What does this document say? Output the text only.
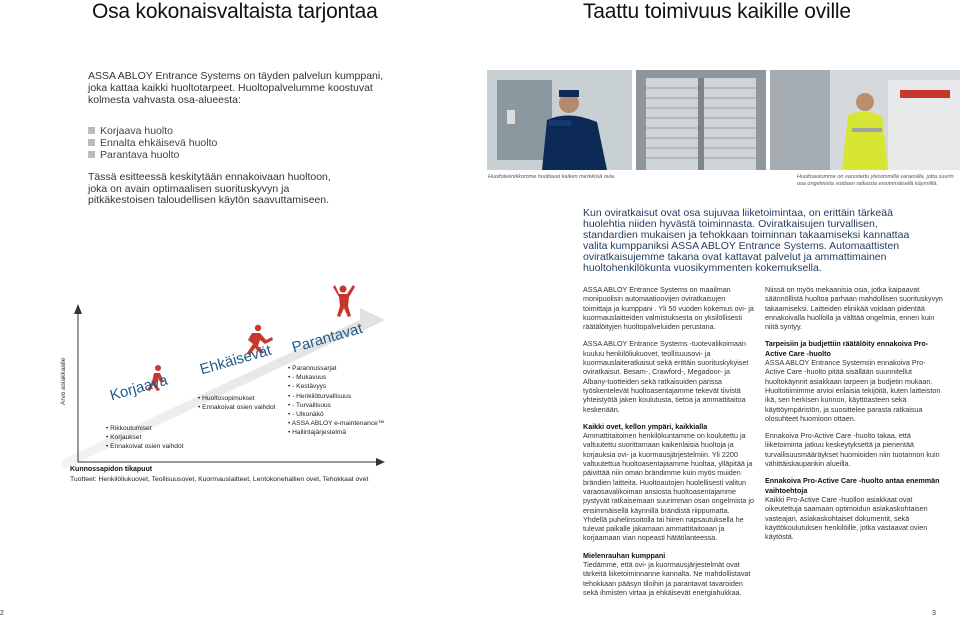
Osa kokonaisvaltaista tarjontaa
ASSA ABLOY Entrance Systems on täyden palvelun kumppani, joka kattaa kaikki huoltotarpeet. Huoltopalvelumme koostuvat kolmesta vahvasta osa-alueesta:
Korjaava huolto
Ennalta ehkäisevä huolto
Parantava huolto
Tässä esitteessä keskitytään ennakoivaan huoltoon, joka on avain optimaalisen suorituskyvyn ja pitkäkestoisen taloudellisen käytön saavuttamiseen.
Arvo asiakkaalle	Korjaava
• Rikkoutumiset
• Korjaukset
• Ennakoivat osien vaihdot
Ehkäisevät
• Huoltosopimukset
• Ennakoivat osien vaihdot
Parantavat
• Parannussarjat
• - Mukavuus
• - Kestävyys
• - Henkilöturvallisuus
• - Turvallisuus
• - Ulkonäkö
• ASSA ABLOY e-maintenance™
• Hallintajärjestelmä
Kunnossapidon tikapuut
Tuotteet: Henkilöliukuovet, Teollisuusovet, Kuormauslaitteet, Lentokonehallien ovet, Tehokkaat ovet
2
Taattu toimivuus kaikille oville
Huoltoteknikkomme huoltavat kaiken merkkisiä ovia.	Huoltoautomme on varustettu yleisimmillä varaosilla, jotta suurin osa ongelmista voidaan ratkaista ensimmäisellä käynnillä.
Kun oviratkaisut ovat osa sujuvaa liiketoimintaa, on erittäin tärkeää huolehtia niiden hyvästä toiminnasta. Oviratkaisujen turvallisen, standardien mukaisen ja tehokkaan toiminnan takaamiseksi kannattaa valita kumppaniksi ASSA ABLOY Entrance Systems. Automaattisten oviratkaisujemme takana ovat kattavat palvelut ja ammattimainen huoltohenkilökunta vuosikymmenten kokemuksella.

ASSA ABLOY Entrance Systems on maailman monipuolisin automaatioovijen oviratkaisujen toimittaja ja kumppani . Yli 50 vuoden kokemus ovi- ja kuormauslaitteiden valmistuksesta on yksilöllisesti räätälöityjen huoltopalveluiden perustana.

ASSA ABLOY Entrance Systems -tuotevalikoimaan kuuluu henkilöliukuovet, teollisuusovi- ja kuormauslaiteratkaisut sekä erittäin suorituskykyiset oviratkaisut. Besam-, Crawford-, Megadoor- ja Albany-tuotteiden sekä ratkaisuiden parissa työskentelevät huoltoasentajamme tekevät tiivistä yhteistyötä jaken koulutusta, tietoa ja ammattitaitoa keskenään.

Kaikki ovet, kellon ympäri, kaikkialla

Ammattitaitoinen henkilökuntamme on koulutettu ja valtuutettu suorittamaan kaikenlaisia huoltoja ja korjauksia ovi- ja kuormausjärjestelmiin. Yli 2200 valtuutettua huoltoasentajaamme huoltaa, ylläpitää ja päivittää niin oman brändimme kuin myös muiden brändien laitteita. Huoltoautojen huolellisesti valitun varaosavalikoiman ansiosta huoltoasentajamme pystyvät ratkaisemaan suurimman osan ongelmista jo ensimmäisellä käynnillä brändistä riippumatta. Yhdellä puhelinsoitolla tai hiiren napsautuksella he tulevat paikalle jakamaan ammattitaitoaan ja korjaamaan vian nopeasti hätätilanteessa.

Mielenrauhan kumppani

Tiedämme, että ovi- ja kuormausjärjestelmät ovat tärkeitä liiketoiminnanne kannalta. Ne mahdollistavat tehokkaan pääsyn tiloihin ja parantavat tavaroiden sekä ihmisten virtaa ja ehkäisevät energiahukkaa.

Niissä on myös mekaanisia osia, jotka kaipaavat säännöllistä huoltoa parhaan mahdollisen suorituskyvyn takaamiseksi. Laitteiden elinikää voidaan pidentää ennakoivalla huollolla ja välttää ongelmia, ennen kuin niitä syntyy.

Tarpeisiin ja budjettiin räätälöity ennakoiva Pro-Active Care -huolto

ASSA ABLOY Entrance Systemsin ennakoiva Pro-Active Care -huolto pitää sisällään suunnitellut huoltokäynnit asiakkaan tarpeen ja budjetin mukaan. Huoltotiimimme arvioi erilaisia tekijöitä, kuten laitteiston ikä, sen herkisen kunnon, käyttöasteen sekä käyttöympäristön, ja suosittelee parasta ratkaisua olosuhteet huomioon ottaen.

Ennakoiva Pro-Active Care -huolto takaa, että liiketoiminta jatkuu keskeytyksettä ja pienentää turvallisuusmääräykset huomioiden niin tuotannon kuin vähittäiskaupankin alueilla.

Ennakoiva Pro-Active Care -huolto antaa enemmän vaihtoehtoja

Kaikki Pro-Active Care -huollon asiakkaat ovat oikeutettuja saamaan optimoidun asiakaskohtaisen vasteajan, asiakaskohtaiset dokumentit, sekä käyttökoulutuksen henkilöille, jotka vastaavat ovien käytöstä.

3
